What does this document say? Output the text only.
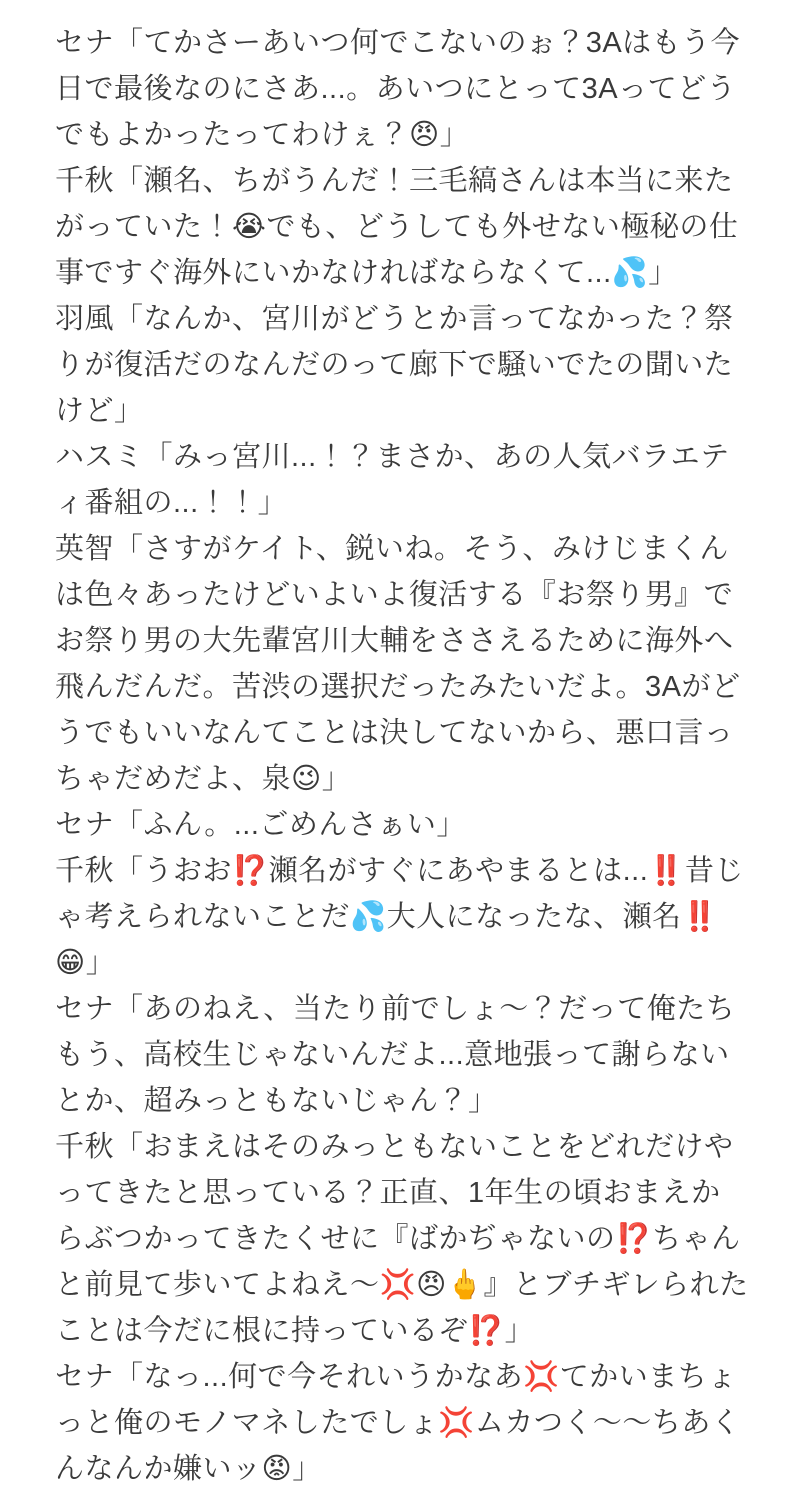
セナ「てかさーあいつ何でこないのぉ？3Aはもう今日で最後なのにさあ...。あいつにとって3Aってどうでもよかったってわけぇ？😠」

千秋「瀬名、ちがうんだ！三毛縞さんは本当に来たがっていた！😭でも、どうしても外せない極秘の仕事ですぐ海外にいかなければならなくて...💦」

羽風「なんか、宮川がどうとか言ってなかった？祭りが復活だのなんだのって廊下で騒いでたの聞いたけど」

ハスミ「みっ宮川...！？まさか、あの人気バラエティ番組の...！！」

英智「さすがケイト、鋭いね。そう、みけじまくんは色々あったけどいよいよ復活する『お祭り男』でお祭り男の大先輩宮川大輔をささえるために海外へ飛んだんだ。苦渋の選択だったみたいだよ。3Aがどうでもいいなんてことは決してないから、悪口言っちゃだめだよ、泉😉」

セナ「ふん。...ごめんさぁい」

千秋「うおお⁉️瀬名がすぐにあやまるとは...‼️昔じゃ考えられないことだ💦大人になったな、瀬名‼️😁」

セナ「あのねえ、当たり前でしょ～？だって俺たちもう、高校生じゃないんだよ...意地張って謝らないとか、超みっともないじゃん？」

千秋「おまえはそのみっともないことをどれだけやってきたと思っている？正直、1年生の頃おまえからぶつかってきたくせに『ばかぢゃないの⁉️ちゃんと前見て歩いてよねえ～💢😠🖕』とブチギレられたことは今だに根に持っているぞ⁉️」

セナ「なっ...何で今それいうかなあ💢てかいまちょっと俺のモノマネしたでしょ💢ムカつく～～ちあくんなんか嫌いッ😡」
